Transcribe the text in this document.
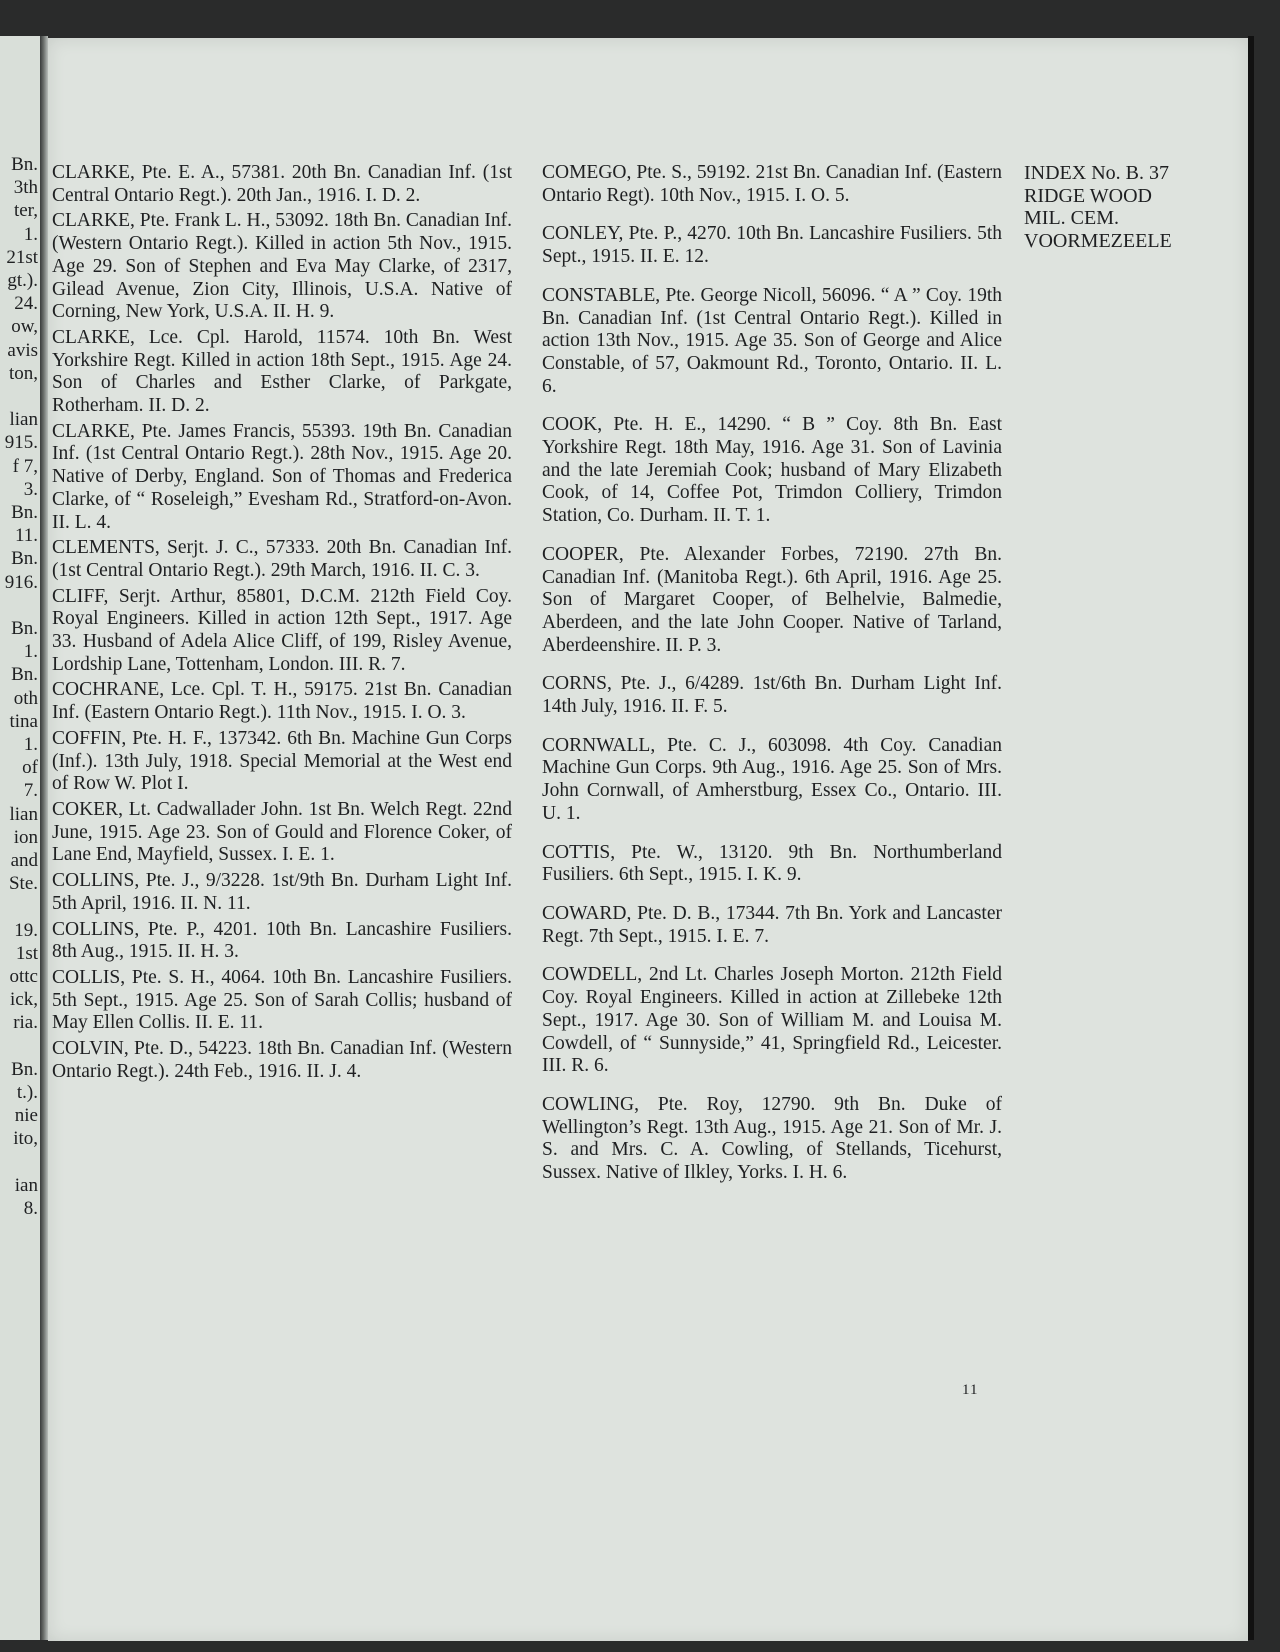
Bn.
3th
ter,
1.
21st
gt.).
24.
ow,
avis
ton,
lian
915.
f 7,
3.
Bn.
11.
Bn.
916.
Bn.
1.
Bn.
oth
tina
1.
of
7.
lian
ion
and
Ste.
19.
1st
ottc
ick,
ria.
Bn.
t.).
nie
ito,
ian
8.
CLARKE, Pte. E. A., 57381. 20th Bn. Canadian Inf. (1st Central Ontario Regt.). 20th Jan., 1916. I. D. 2.
CLARKE, Pte. Frank L. H., 53092. 18th Bn. Canadian Inf. (Western Ontario Regt.). Killed in action 5th Nov., 1915. Age 29. Son of Stephen and Eva May Clarke, of 2317, Gilead Avenue, Zion City, Illinois, U.S.A. Native of Corning, New York, U.S.A. II. H. 9.
CLARKE, Lce. Cpl. Harold, 11574. 10th Bn. West Yorkshire Regt. Killed in action 18th Sept., 1915. Age 24. Son of Charles and Esther Clarke, of Parkgate, Rotherham. II. D. 2.
CLARKE, Pte. James Francis, 55393. 19th Bn. Canadian Inf. (1st Central Ontario Regt.). 28th Nov., 1915. Age 20. Native of Derby, England. Son of Thomas and Frederica Clarke, of “ Roseleigh,” Evesham Rd., Stratford-on-Avon. II. L. 4.
CLEMENTS, Serjt. J. C., 57333. 20th Bn. Canadian Inf. (1st Central Ontario Regt.). 29th March, 1916. II. C. 3.
CLIFF, Serjt. Arthur, 85801, D.C.M. 212th Field Coy. Royal Engineers. Killed in action 12th Sept., 1917. Age 33. Husband of Adela Alice Cliff, of 199, Risley Avenue, Lordship Lane, Tottenham, London. III. R. 7.
COCHRANE, Lce. Cpl. T. H., 59175. 21st Bn. Canadian Inf. (Eastern Ontario Regt.). 11th Nov., 1915. I. O. 3.
COFFIN, Pte. H. F., 137342. 6th Bn. Machine Gun Corps (Inf.). 13th July, 1918. Special Memorial at the West end of Row W. Plot I.
COKER, Lt. Cadwallader John. 1st Bn. Welch Regt. 22nd June, 1915. Age 23. Son of Gould and Florence Coker, of Lane End, Mayfield, Sussex. I. E. 1.
COLLINS, Pte. J., 9/3228. 1st/9th Bn. Durham Light Inf. 5th April, 1916. II. N. 11.
COLLINS, Pte. P., 4201. 10th Bn. Lancashire Fusiliers. 8th Aug., 1915. II. H. 3.
COLLIS, Pte. S. H., 4064. 10th Bn. Lancashire Fusiliers. 5th Sept., 1915. Age 25. Son of Sarah Collis; husband of May Ellen Collis. II. E. 11.
COLVIN, Pte. D., 54223. 18th Bn. Canadian Inf. (Western Ontario Regt.). 24th Feb., 1916. II. J. 4.
COMEGO, Pte. S., 59192. 21st Bn. Canadian Inf. (Eastern Ontario Regt). 10th Nov., 1915. I. O. 5.
CONLEY, Pte. P., 4270. 10th Bn. Lancashire Fusiliers. 5th Sept., 1915. II. E. 12.
CONSTABLE, Pte. George Nicoll, 56096. “ A ” Coy. 19th Bn. Canadian Inf. (1st Central Ontario Regt.). Killed in action 13th Nov., 1915. Age 35. Son of George and Alice Constable, of 57, Oakmount Rd., Toronto, Ontario. II. L. 6.
COOK, Pte. H. E., 14290. “ B ” Coy. 8th Bn. East Yorkshire Regt. 18th May, 1916. Age 31. Son of Lavinia and the late Jeremiah Cook; husband of Mary Elizabeth Cook, of 14, Coffee Pot, Trimdon Colliery, Trimdon Station, Co. Durham. II. T. 1.
COOPER, Pte. Alexander Forbes, 72190. 27th Bn. Canadian Inf. (Manitoba Regt.). 6th April, 1916. Age 25. Son of Margaret Cooper, of Belhelvie, Balmedie, Aberdeen, and the late John Cooper. Native of Tarland, Aberdeenshire. II. P. 3.
CORNS, Pte. J., 6/4289. 1st/6th Bn. Durham Light Inf. 14th July, 1916. II. F. 5.
CORNWALL, Pte. C. J., 603098. 4th Coy. Canadian Machine Gun Corps. 9th Aug., 1916. Age 25. Son of Mrs. John Cornwall, of Amherstburg, Essex Co., Ontario. III. U. 1.
COTTIS, Pte. W., 13120. 9th Bn. Northumberland Fusiliers. 6th Sept., 1915. I. K. 9.
COWARD, Pte. D. B., 17344. 7th Bn. York and Lancaster Regt. 7th Sept., 1915. I. E. 7.
COWDELL, 2nd Lt. Charles Joseph Morton. 212th Field Coy. Royal Engineers. Killed in action at Zillebeke 12th Sept., 1917. Age 30. Son of William M. and Louisa M. Cowdell, of “ Sunnyside,” 41, Springfield Rd., Leicester. III. R. 6.
COWLING, Pte. Roy, 12790. 9th Bn. Duke of Wellington’s Regt. 13th Aug., 1915. Age 21. Son of Mr. J. S. and Mrs. C. A. Cowling, of Stellands, Ticehurst, Sussex. Native of Ilkley, Yorks. I. H. 6.
INDEX No. B. 37
RIDGE WOOD
MIL. CEM.
VOORMEZEELE
11
